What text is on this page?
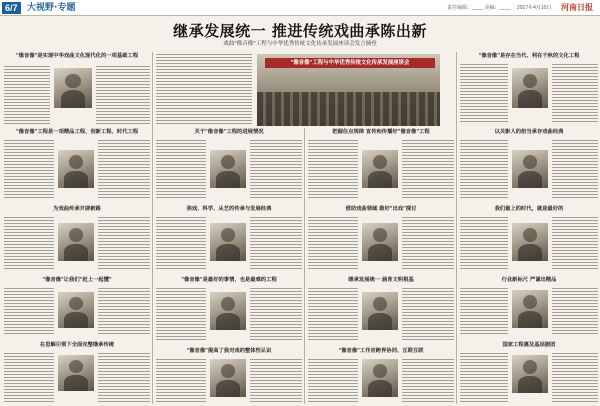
6/7	大视野·专题	责任编辑：____ 美编：____ 2017年4月10日 河南日报
继承发展统一 推进传统戏曲承陈出新
戏曲"像音像"工程与中华优秀传统文化传承发展座谈会发言摘登
"像音像"是实现中华戏曲文化现代化的一项基础工程
"像音像"工程是一项精品工程、创新工程、时代工程
为戏曲传承开辟新路
"像音像"让我们"赶上一起懂"
在思解引领下全面完整继承传统
"像音像"工程与中华优秀传统文化传承发展座谈会
关于"像音像"工程的进展情况
弥戏、科学、从艺的传承与发展经典
"像音像"是最好的事情，也是最难的工程
"像音像"提高了我对戏的整体性认识
把握住点规律 宣传和传播好"像音像"工程
借助戏曲领域 做好"出戏"探讨
继承发展统一 涵育文明根基
"像音像"工作应跨界协同、互联互联
"像音像"是存在当代、利在千秋的文化工程
以关影人的担当承存戏曲经典
我们最上的时代，就是最好的
行业新标尺 严谨出精品
国家工程惠及基层剧团
